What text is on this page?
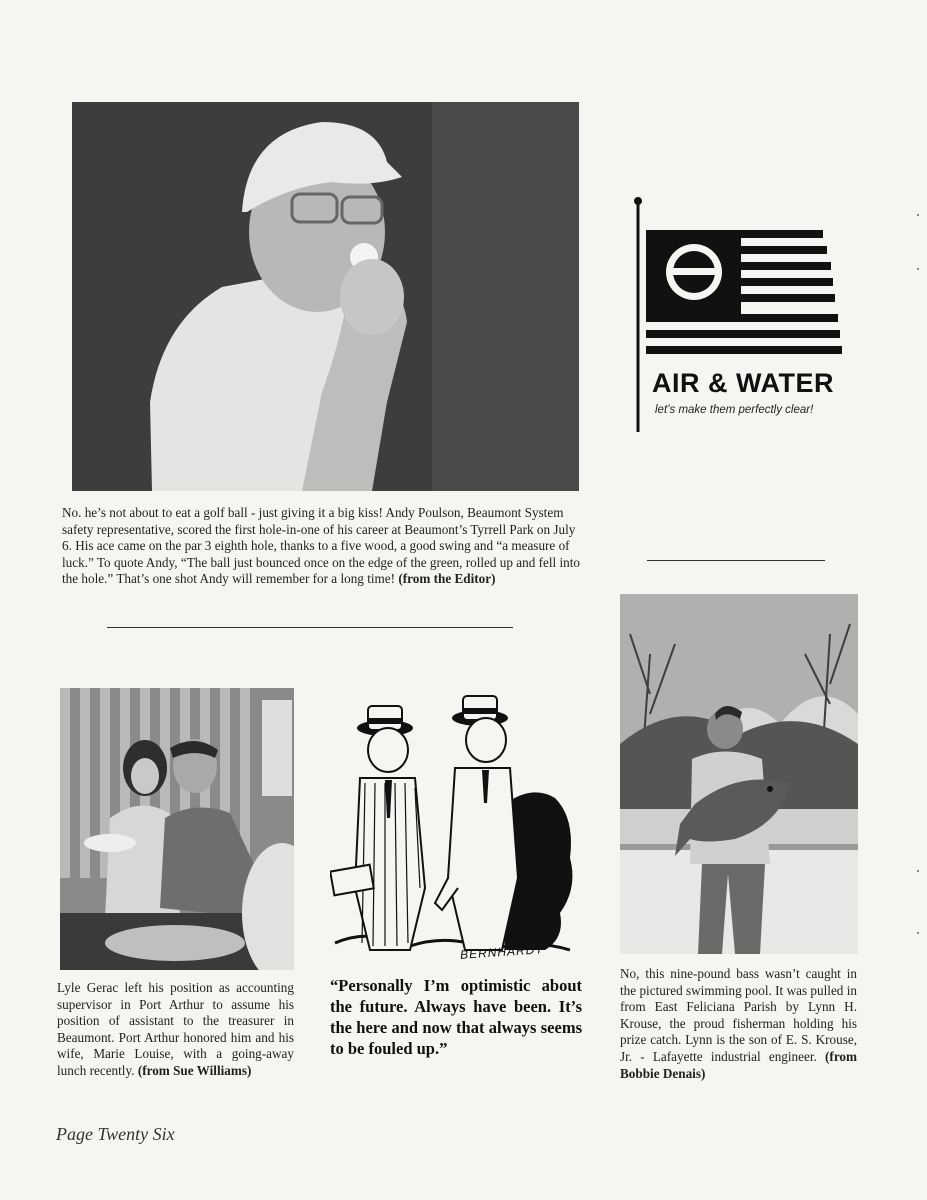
No. he’s not about to eat a golf ball - just giving it a big kiss! Andy Poulson, Beaumont System safety representative, scored the first hole-in-one of his career at Beaumont’s Tyrrell Park on July 6. His ace came on the par 3 eighth hole, thanks to a five wood, a good swing and “a measure of luck.” To quote Andy, “The ball just bounced once on the edge of the green, rolled up and fell into the hole.” That’s one shot Andy will remember for a long time! (from the Editor)
AIR & WATER
let’s make them perfectly clear!
Lyle Gerac left his position as accounting supervisor in Port Arthur to assume his position of assistant to the treasurer in Beaumont. Port Arthur honored him and his wife, Marie Louise, with a going-away lunch recently. (from Sue Williams)
BERNHARDT
“Personally I’m optimistic about the future. Always have been. It’s the here and now that always seems to be fouled up.”
No, this nine-pound bass wasn’t caught in the pictured swimming pool. It was pulled in from East Feliciana Parish by Lynn H. Krouse, the proud fisherman holding his prize catch. Lynn is the son of E. S. Krouse, Jr. - Lafayette industrial engineer. (from Bobbie Denais)
Page Twenty Six
